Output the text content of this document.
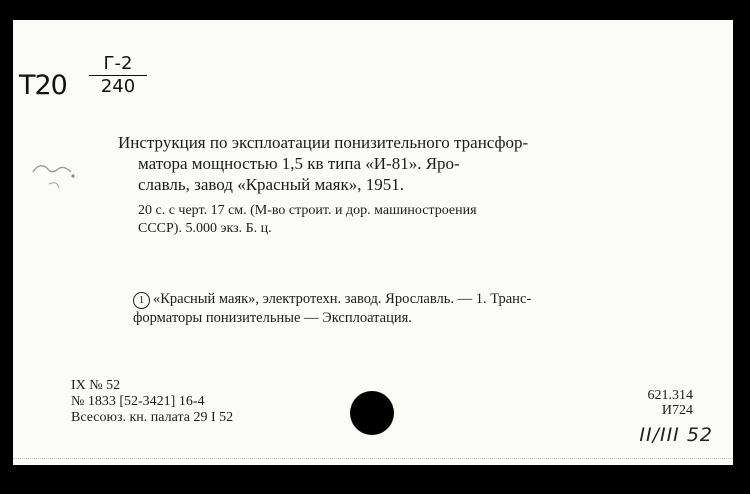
T20
Г-2
240
Инструкция по эксплоатации понизительного трансфор-
матора мощностью 1,5 кв типа «И-81». Яро-
славль, завод «Красный маяк», 1951.
20 с. с черт. 17 см. (М-во строит. и дор. машиностроения
СССР). 5.000 экз. Б. ц.
1 «Красный маяк», электротехн. завод. Ярославль. — 1. Транс-
форматоры понизительные — Эксплоатация.
IX № 52
№ 1833 [52-3421] 16-4
Всесоюз. кн. палата 29 I 52
621.314
И724
II/III 52
